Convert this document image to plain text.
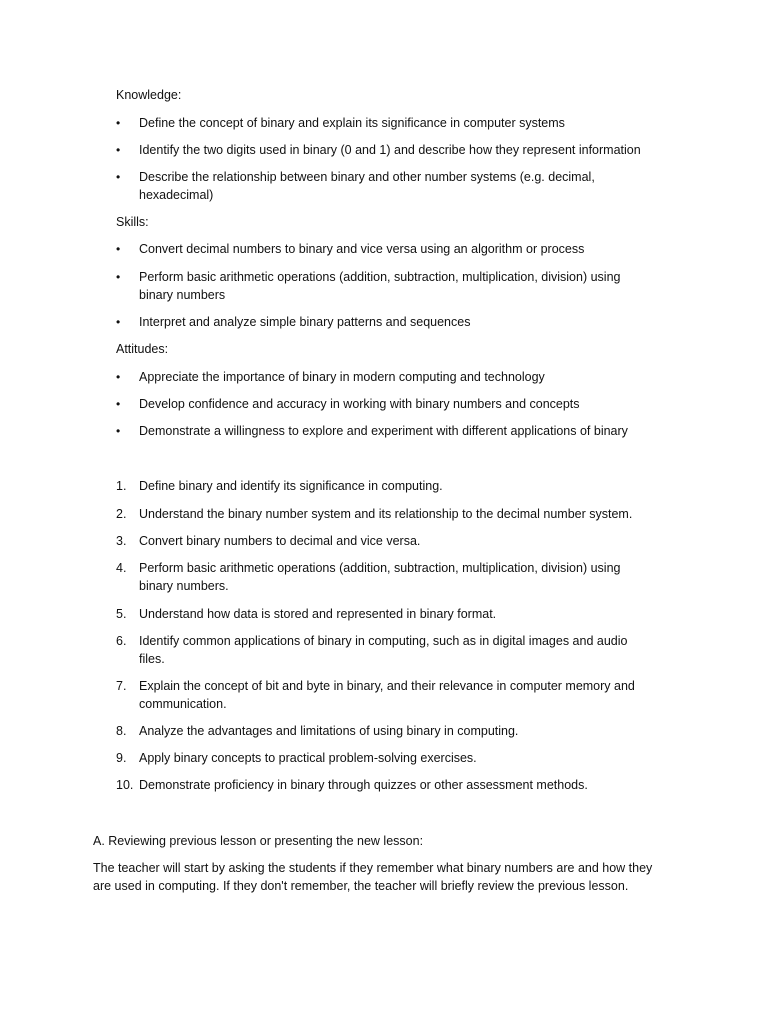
Knowledge:
•	Define the concept of binary and explain its significance in computer systems
•	Identify the two digits used in binary (0 and 1) and describe how they represent information
•	Describe the relationship between binary and other number systems (e.g. decimal, hexadecimal)
Skills:
•	Convert decimal numbers to binary and vice versa using an algorithm or process
•	Perform basic arithmetic operations (addition, subtraction, multiplication, division) using binary numbers
•	Interpret and analyze simple binary patterns and sequences
Attitudes:
•	Appreciate the importance of binary in modern computing and technology
•	Develop confidence and accuracy in working with binary numbers and concepts
•	Demonstrate a willingness to explore and experiment with different applications of binary
1.	Define binary and identify its significance in computing.
2.	Understand the binary number system and its relationship to the decimal number system.
3.	Convert binary numbers to decimal and vice versa.
4.	Perform basic arithmetic operations (addition, subtraction, multiplication, division) using binary numbers.
5.	Understand how data is stored and represented in binary format.
6.	Identify common applications of binary in computing, such as in digital images and audio files.
7.	Explain the concept of bit and byte in binary, and their relevance in computer memory and communication.
8.	Analyze the advantages and limitations of using binary in computing.
9.	Apply binary concepts to practical problem-solving exercises.
10. Demonstrate proficiency in binary through quizzes or other assessment methods.
A. Reviewing previous lesson or presenting the new lesson:
The teacher will start by asking the students if they remember what binary numbers are and how they are used in computing. If they don't remember, the teacher will briefly review the previous lesson.
